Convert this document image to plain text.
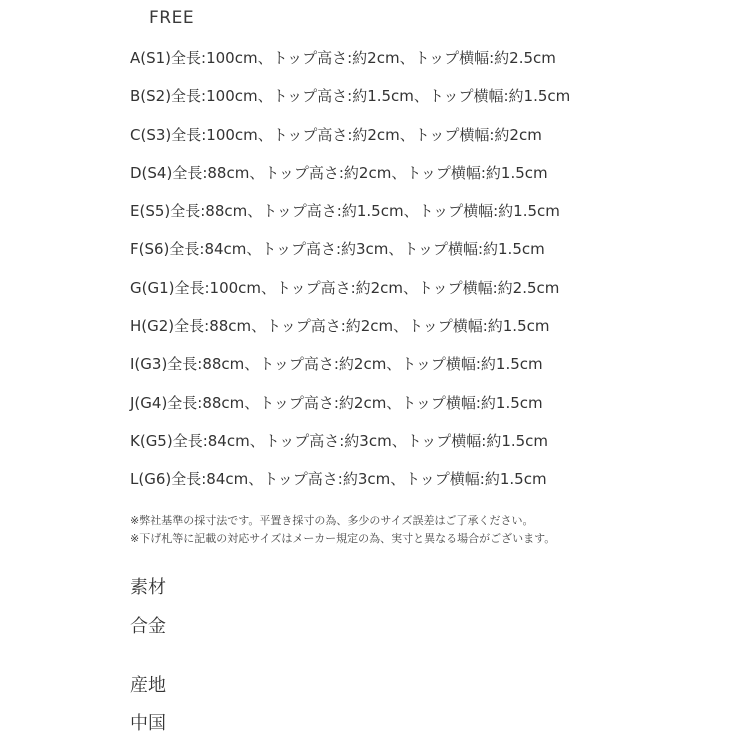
FREE
A(S1)全長:100cm、トップ高さ:約2cm、トップ横幅:約2.5cm
B(S2)全長:100cm、トップ高さ:約1.5cm、トップ横幅:約1.5cm
C(S3)全長:100cm、トップ高さ:約2cm、トップ横幅:約2cm
D(S4)全長:88cm、トップ高さ:約2cm、トップ横幅:約1.5cm
E(S5)全長:88cm、トップ高さ:約1.5cm、トップ横幅:約1.5cm
F(S6)全長:84cm、トップ高さ:約3cm、トップ横幅:約1.5cm
G(G1)全長:100cm、トップ高さ:約2cm、トップ横幅:約2.5cm
H(G2)全長:88cm、トップ高さ:約2cm、トップ横幅:約1.5cm
I(G3)全長:88cm、トップ高さ:約2cm、トップ横幅:約1.5cm
J(G4)全長:88cm、トップ高さ:約2cm、トップ横幅:約1.5cm
K(G5)全長:84cm、トップ高さ:約3cm、トップ横幅:約1.5cm
L(G6)全長:84cm、トップ高さ:約3cm、トップ横幅:約1.5cm
※弊社基準の採寸法です。平置き採寸の為、多少のサイズ誤差はご了承ください。
※下げ札等に記載の対応サイズはメーカー規定の為、実寸と異なる場合がございます。
素材
合金
産地
中国
